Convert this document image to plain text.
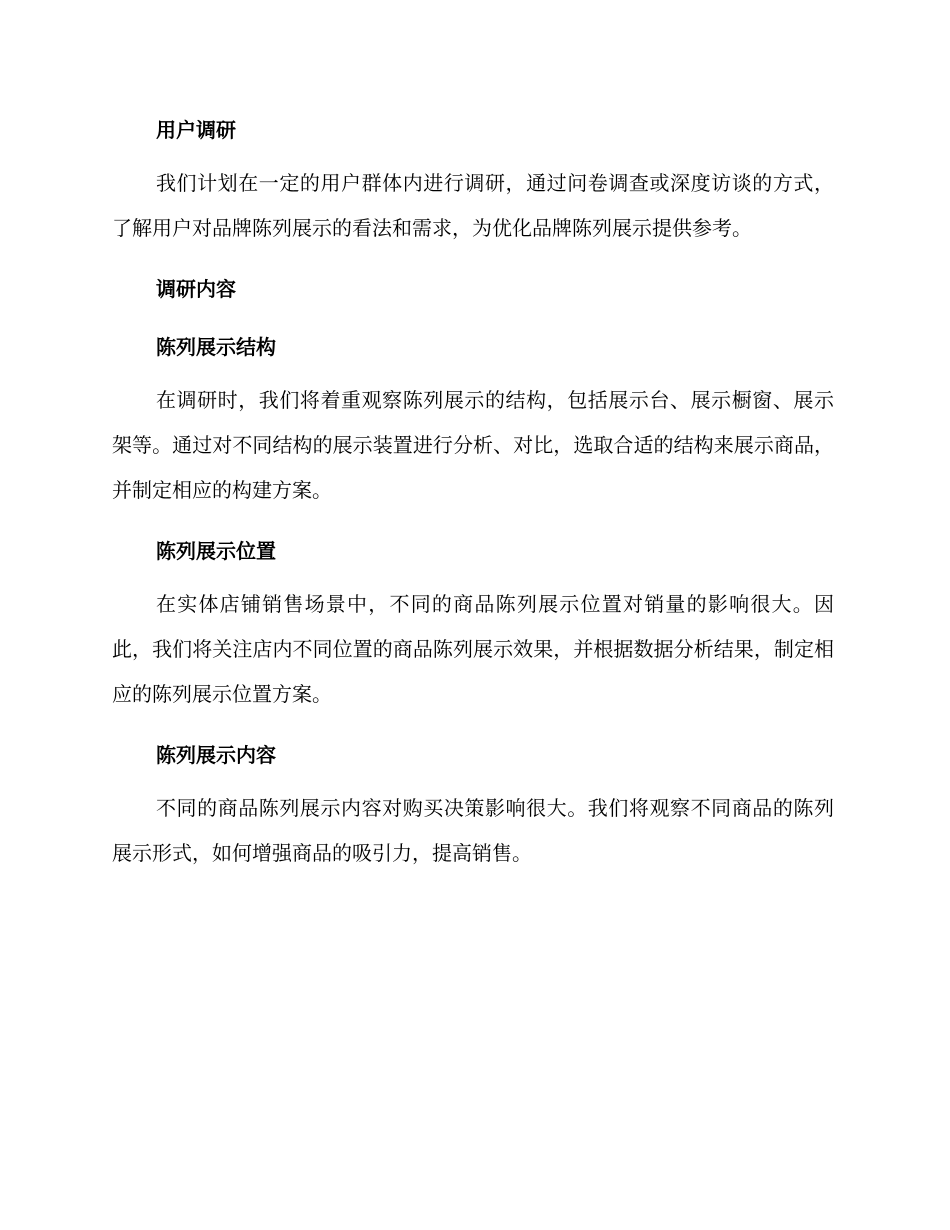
用户调研

我们计划在一定的用户群体内进行调研，通过问卷调查或深度访谈的方式，了解用户对品牌陈列展示的看法和需求，为优化品牌陈列展示提供参考。

调研内容
陈列展示结构

在调研时，我们将着重观察陈列展示的结构，包括展示台、展示橱窗、展示架等。通过对不同结构的展示装置进行分析、对比，选取合适的结构来展示商品，并制定相应的构建方案。

陈列展示位置

在实体店铺销售场景中，不同的商品陈列展示位置对销量的影响很大。因此，我们将关注店内不同位置的商品陈列展示效果，并根据数据分析结果，制定相应的陈列展示位置方案。

陈列展示内容

不同的商品陈列展示内容对购买决策影响很大。我们将观察不同商品的陈列展示形式，如何增强商品的吸引力，提高销售。
